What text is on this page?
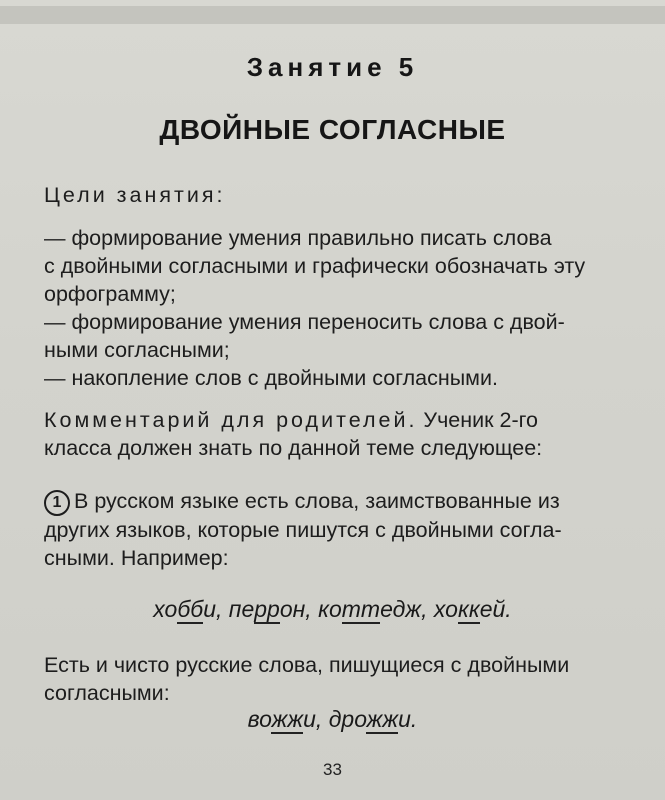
Занятие 5
ДВОЙНЫЕ СОГЛАСНЫЕ
Цели занятия:

— формирование умения правильно писать слова

с двойными согласными и графически обозначать эту

орфограмму;

— формирование умения переносить слова с двой-

ными согласными;

— накопление слов с двойными согласными.

Комментарий для родителей. Ученик 2-го

класса должен знать по данной теме следующее:

1 В русском языке есть слова, заимствованные из

других языков, которые пишутся с двойными согла-

сными. Например:

хобби, перрон, коттедж, хоккей.

Есть и чисто русские слова, пишущиеся с двойными

согласными:

вожжи, дрожжи.
33
